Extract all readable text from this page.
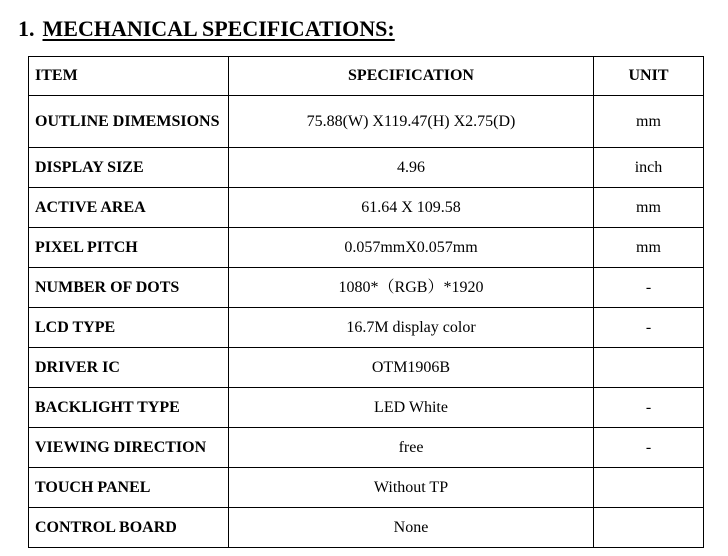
1. MECHANICAL SPECIFICATIONS:
ITEM	SPECIFICATION	UNIT
OUTLINE DIMEMSIONS	75.88(W) X119.47(H) X2.75(D)	mm
DISPLAY SIZE	4.96	inch
ACTIVE AREA	61.64 X 109.58	mm
PIXEL PITCH	0.057mmX0.057mm	mm
NUMBER OF DOTS	1080*（RGB）*1920	-
LCD TYPE	16.7M display color	-
DRIVER IC	OTM1906B	
BACKLIGHT TYPE	LED White	-
VIEWING DIRECTION	free	-
TOUCH PANEL	Without TP	
CONTROL BOARD	None	
